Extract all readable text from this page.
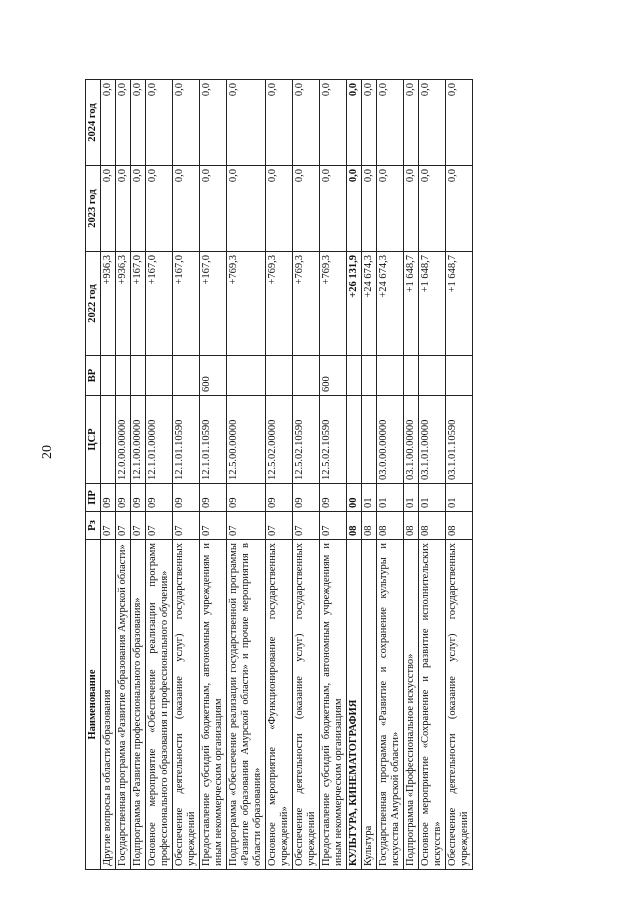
20
Наименование	Рз	ПР	ЦСР	ВР	2022 год	2023 год	2024 год
Другие вопросы в области образования	07	09			+936,3	0,0	0,0
Государственная программа «Развитие образования Амурской области»	07	09	12.0.00.00000		+936,3	0,0	0,0
Подпрограмма «Развитие профессионального образования»	07	09	12.1.00.00000		+167,0	0,0	0,0
Основное мероприятие «Обеспечение реализации программ профессионального образования и профессионального обучения»	07	09	12.1.01.00000		+167,0	0,0	0,0
Обеспечение деятельности (оказание услуг) государственных учреждений	07	09	12.1.01.10590		+167,0	0,0	0,0
Предоставление субсидий бюджетным, автономным учреждениям и иным некоммерческим организациям	07	09	12.1.01.10590	600	+167,0	0,0	0,0
Подпрограмма «Обеспечение реализации государственной программы «Развитие образования Амурской области» и прочие мероприятия в области образования»	07	09	12.5.00.00000		+769,3	0,0	0,0
Основное мероприятие «Функционирование государственных учреждений»	07	09	12.5.02.00000		+769,3	0,0	0,0
Обеспечение деятельности (оказание услуг) государственных учреждений	07	09	12.5.02.10590		+769,3	0,0	0,0
Предоставление субсидий бюджетным, автономным учреждениям и иным некоммерческим организациям	07	09	12.5.02.10590	600	+769,3	0,0	0,0
КУЛЬТУРА, КИНЕМАТОГРАФИЯ	08	00			+26 131,9	0,0	0,0
Культура	08	01			+24 674,3	0,0	0,0
Государственная программа «Развитие и сохранение культуры и искусства Амурской области»	08	01	03.0.00.00000		+24 674,3	0,0	0,0
Подпрограмма «Профессиональное искусство»	08	01	03.1.00.00000		+1 648,7	0,0	0,0
Основное мероприятие «Сохранение и развитие исполнительских искусств»	08	01	03.1.01.00000		+1 648,7	0,0	0,0
Обеспечение деятельности (оказание услуг) государственных учреждений	08	01	03.1.01.10590		+1 648,7	0,0	0,0
